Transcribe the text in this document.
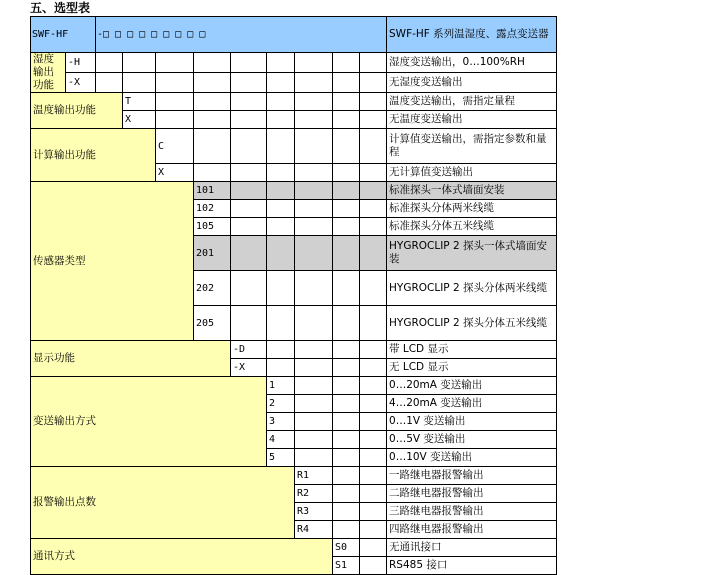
五、选型表
SWF-HF		-□ □ □ □ □ □ □ □ □									SWF-HF 系列温湿度、露点变送器
湿度输出功能	-H										湿度变送输出，0…100%RH
	-X										无湿度变送输出
温度输出功能			T								温度变送输出，需指定量程
			X								无温度变送输出
计算输出功能				C							计算值变送输出，需指定参数和量程
				X							无计算值变送输出
传感器类型					101						标准探头一体式墙面安装
					102						标准探头分体两米线缆
					105						标准探头分体五米线缆
					201						HYGROCLIP 2 探头一体式墙面安装
					202						HYGROCLIP 2 探头分体两米线缆
					205						HYGROCLIP 2 探头分体五米线缆
显示功能						-D					带 LCD 显示
						-X					无 LCD 显示
变送输出方式							1				0…20mA 变送输出
							2				4…20mA 变送输出
							3				0…1V 变送输出
							4				0…5V 变送输出
							5				0…10V 变送输出
报警输出点数								R1			一路继电器报警输出
								R2			二路继电器报警输出
								R3			三路继电器报警输出
								R4			四路继电器报警输出
通讯方式									S0		无通讯接口
									S1		RS485 接口
